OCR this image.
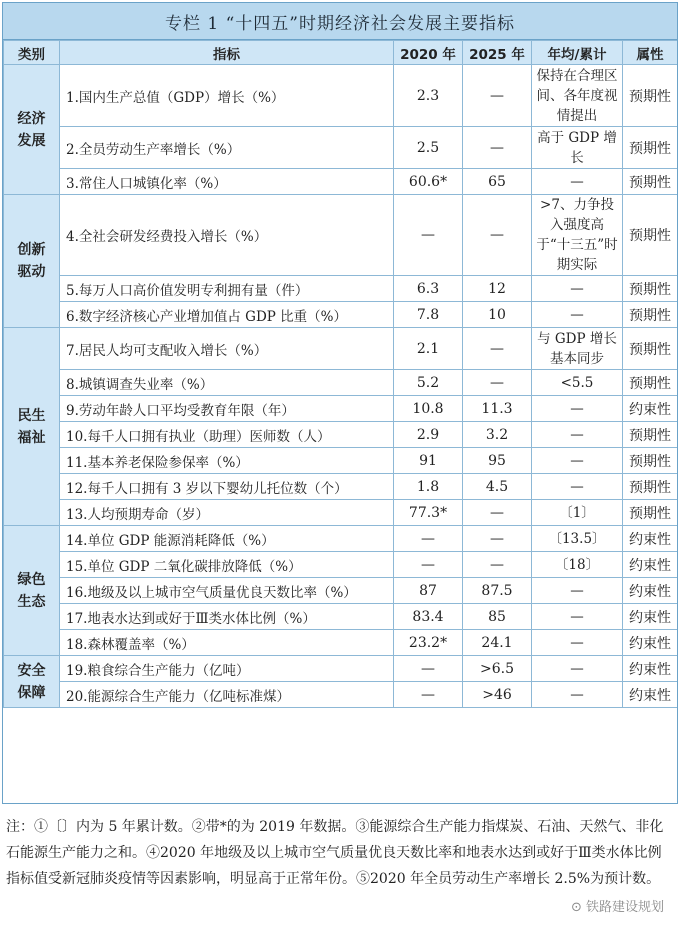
专栏 1 “十四五”时期经济社会发展主要指标
类别	指标	2020 年	2025 年	年均/累计	属性
经济
发展	1.国内生产总值（GDP）增长（%）	2.3	—	保持在合理区间、各年度视情提出	预期性
	2.全员劳动生产率增长（%）	2.5	—	高于 GDP 增长	预期性
	3.常住人口城镇化率（%）	60.6*	65	—	预期性
创新
驱动	4.全社会研发经费投入增长（%）	—	—	>7、力争投入强度高于“十三五”时期实际	预期性
	5.每万人口高价值发明专利拥有量（件）	6.3	12	—	预期性
	6.数字经济核心产业增加值占 GDP 比重（%）	7.8	10	—	预期性
民生
福祉	7.居民人均可支配收入增长（%）	2.1	—	与 GDP 增长基本同步	预期性
	8.城镇调查失业率（%）	5.2	—	<5.5	预期性
	9.劳动年龄人口平均受教育年限（年）	10.8	11.3	—	约束性
	10.每千人口拥有执业（助理）医师数（人）	2.9	3.2	—	预期性
	11.基本养老保险参保率（%）	91	95	—	预期性
	12.每千人口拥有 3 岁以下婴幼儿托位数（个）	1.8	4.5	—	预期性
	13.人均预期寿命（岁）	77.3*	—	〔1〕	预期性
绿色
生态	14.单位 GDP 能源消耗降低（%）	—	—	〔13.5〕	约束性
	15.单位 GDP 二氧化碳排放降低（%）	—	—	〔18〕	约束性
	16.地级及以上城市空气质量优良天数比率（%）	87	87.5	—	约束性
	17.地表水达到或好于Ⅲ类水体比例（%）	83.4	85	—	约束性
	18.森林覆盖率（%）	23.2*	24.1	—	约束性
安全
保障	19.粮食综合生产能力（亿吨）	—	>6.5	—	约束性
	20.能源综合生产能力（亿吨标准煤）	—	>46	—	约束性
注：①〔〕内为 5 年累计数。②带*的为 2019 年数据。③能源综合生产能力指煤炭、石油、天然气、非化石能源生产能力之和。④2020 年地级及以上城市空气质量优良天数比率和地表水达到或好于Ⅲ类水体比例指标值受新冠肺炎疫情等因素影响，明显高于正常年份。⑤2020 年全员劳动生产率增长 2.5%为预计数。
⊙ 铁路建设规划
